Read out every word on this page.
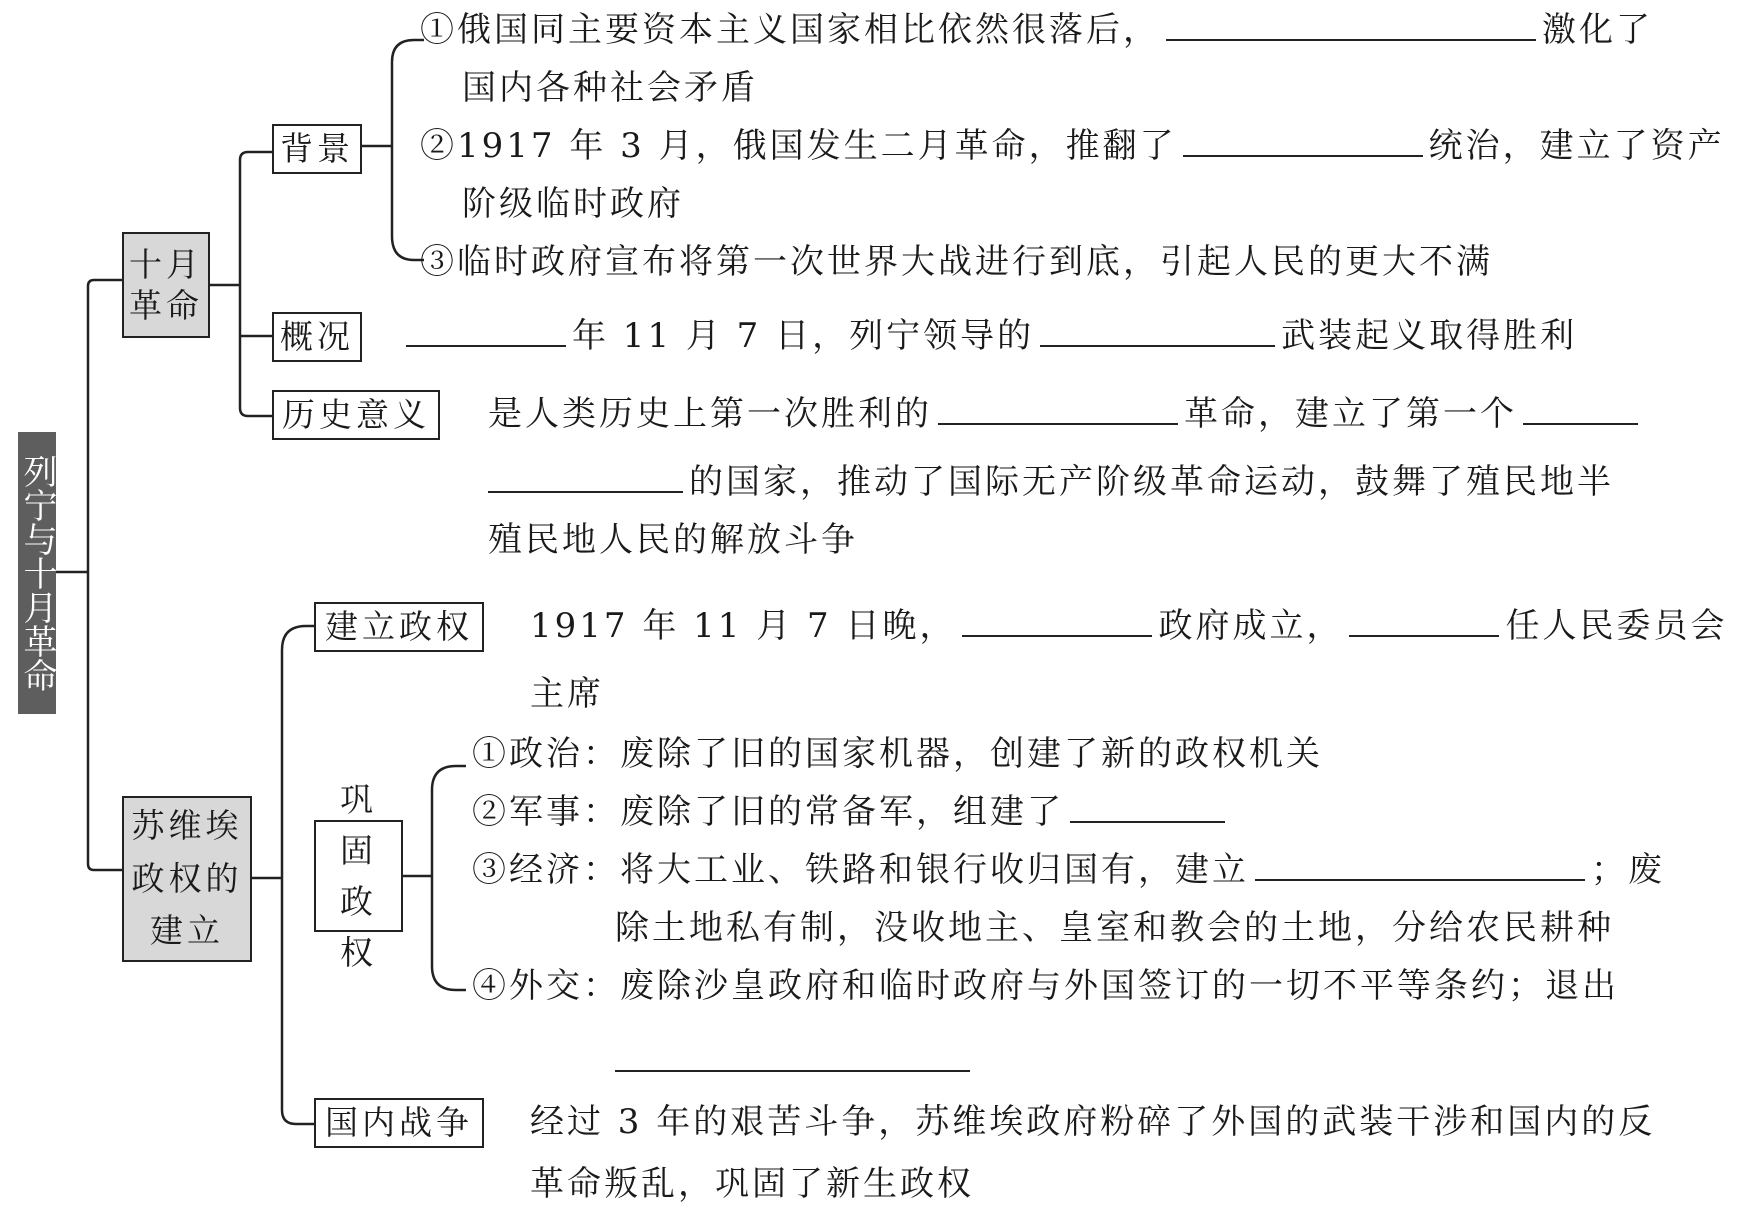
列宁与十月革命
十月革命
背景
①俄国同主要资本主义国家相比依然很落后，	激化了
国内各种社会矛盾
②1917 年 3 月，俄国发生二月革命，推翻了	统治，建立了资产
阶级临时政府
③临时政府宣布将第一次世界大战进行到底，引起人民的更大不满
概况	年 11 月 7 日，列宁领导的	武装起义取得胜利
历史意义 是人类历史上第一次胜利的	革命，建立了第一个
的国家，推动了国际无产阶级革命运动，鼓舞了殖民地半
殖民地人民的解放斗争
苏维埃政权的建立
建立政权 1917 年 11 月 7 日晚，	政府成立，	任人民委员会
主席
巩固政权
①政治：废除了旧的国家机器，创建了新的政权机关
②军事：废除了旧的常备军，组建了
③经济：将大工业、铁路和银行收归国有，建立	；废
除土地私有制，没收地主、皇室和教会的土地，分给农民耕种
④外交：废除沙皇政府和临时政府与外国签订的一切不平等条约；退出
国内战争 经过 3 年的艰苦斗争，苏维埃政府粉碎了外国的武装干涉和国内的反
革命叛乱，巩固了新生政权
